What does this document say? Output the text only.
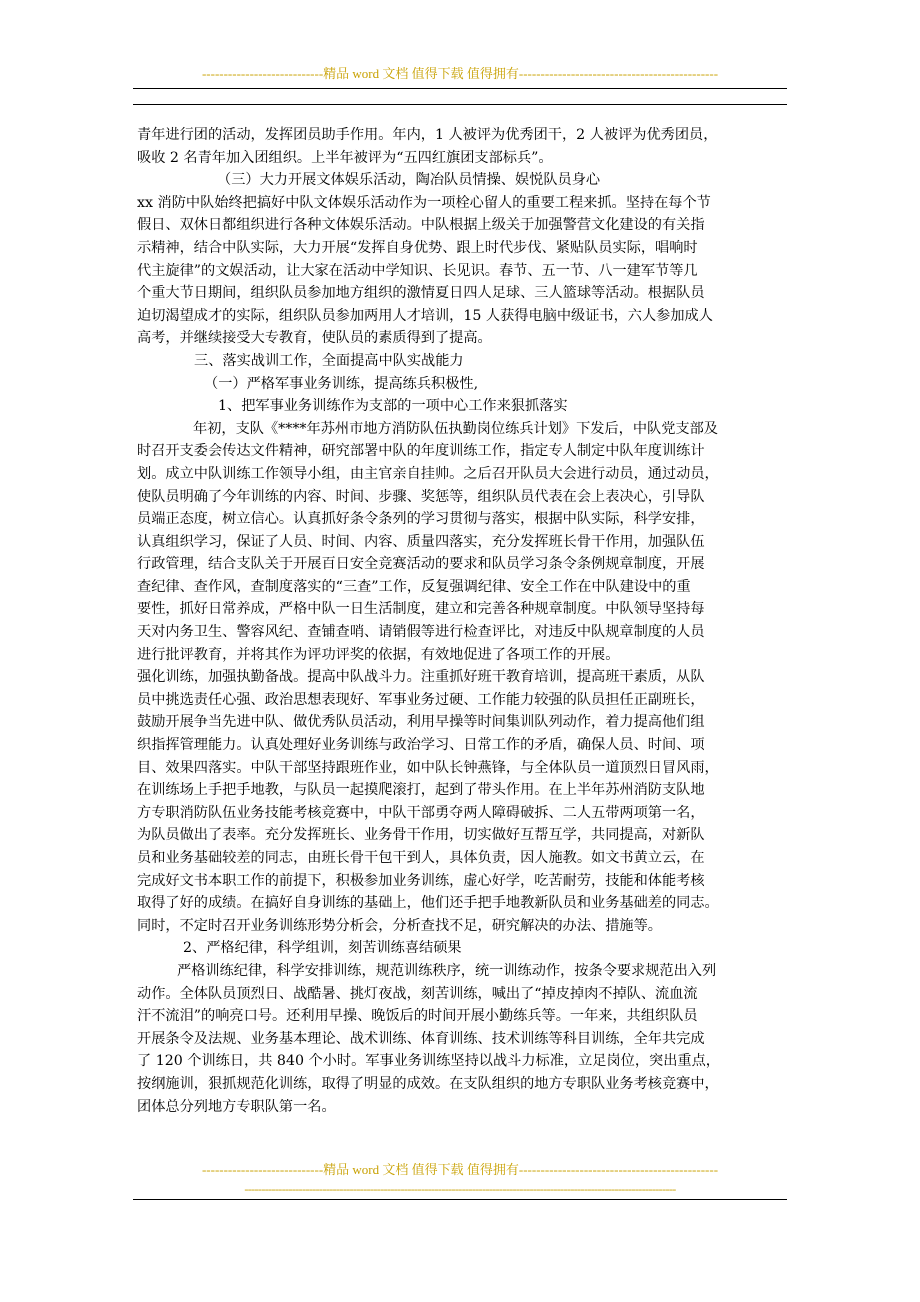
----------------------------精品 word 文档 值得下载 值得拥有----------------------------------------------

青年进行团的活动，发挥团员助手作用。年内，1 人被评为优秀团干，2 人被评为优秀团员，

吸收 2 名青年加入团组织。上半年被评为“五四红旗团支部标兵”。

（三）大力开展文体娱乐活动，陶冶队员情操、娱悦队员身心

xx 消防中队始终把搞好中队文体娱乐活动作为一项栓心留人的重要工程来抓。坚持在每个节

假日、双休日都组织进行各种文体娱乐活动。中队根据上级关于加强警营文化建设的有关指

示精神，结合中队实际，大力开展“发挥自身优势、跟上时代步伐、紧贴队员实际，唱响时

代主旋律”的文娱活动，让大家在活动中学知识、长见识。春节、五一节、八一建军节等几

个重大节日期间，组织队员参加地方组织的激情夏日四人足球、三人篮球等活动。根据队员

迫切渴望成才的实际，组织队员参加两用人才培训，15 人获得电脑中级证书，六人参加成人

高考，并继续接受大专教育，使队员的素质得到了提高。

三、落实战训工作，全面提高中队实战能力

（一）严格军事业务训练，提高练兵积极性,

1、把军事业务训练作为支部的一项中心工作来狠抓落实

年初，支队《****年苏州市地方消防队伍执勤岗位练兵计划》下发后，中队党支部及

时召开支委会传达文件精神，研究部署中队的年度训练工作，指定专人制定中队年度训练计

划。成立中队训练工作领导小组，由主官亲自挂帅。之后召开队员大会进行动员，通过动员，

使队员明确了今年训练的内容、时间、步骤、奖惩等，组织队员代表在会上表决心，引导队

员端正态度，树立信心。认真抓好条令条列的学习贯彻与落实，根据中队实际，科学安排，

认真组织学习，保证了人员、时间、内容、质量四落实，充分发挥班长骨干作用，加强队伍

行政管理，结合支队关于开展百日安全竞赛活动的要求和队员学习条令条例规章制度，开展

查纪律、查作风，查制度落实的“三查”工作，反复强调纪律、安全工作在中队建设中的重

要性，抓好日常养成，严格中队一日生活制度，建立和完善各种规章制度。中队领导坚持每

天对内务卫生、警容风纪、查铺查哨、请销假等进行检查评比，对违反中队规章制度的人员

进行批评教育，并将其作为评功评奖的依据，有效地促进了各项工作的开展。

强化训练，加强执勤备战。提高中队战斗力。注重抓好班干教育培训，提高班干素质，从队

员中挑选责任心强、政治思想表现好、军事业务过硬、工作能力较强的队员担任正副班长，

鼓励开展争当先进中队、做优秀队员活动，利用早操等时间集训队列动作，着力提高他们组

织指挥管理能力。认真处理好业务训练与政治学习、日常工作的矛盾，确保人员、时间、项

目、效果四落实。中队干部坚持跟班作业，如中队长钟燕锋，与全体队员一道顶烈日冒风雨，

在训练场上手把手地教，与队员一起摸爬滚打，起到了带头作用。在上半年苏州消防支队地

方专职消防队伍业务技能考核竞赛中，中队干部勇夺两人障碍破拆、二人五带两项第一名，

为队员做出了表率。充分发挥班长、业务骨干作用，切实做好互帮互学，共同提高，对新队

员和业务基础较差的同志，由班长骨干包干到人，具体负责，因人施教。如文书黄立云，在

完成好文书本职工作的前提下，积极参加业务训练，虚心好学，吃苦耐劳，技能和体能考核

取得了好的成绩。在搞好自身训练的基础上，他们还手把手地教新队员和业务基础差的同志。

同时，不定时召开业务训练形势分析会，分析查找不足，研究解决的办法、措施等。

2、严格纪律，科学组训，刻苦训练喜结硕果

严格训练纪律，科学安排训练，规范训练秩序，统一训练动作，按条令要求规范出入列

动作。全体队员顶烈日、战酷暑、挑灯夜战，刻苦训练，喊出了“掉皮掉肉不掉队、流血流

汗不流泪”的响亮口号。还利用早操、晚饭后的时间开展小勤练兵等。一年来，共组织队员

开展条令及法规、业务基本理论、战术训练、体育训练、技术训练等科目训练，全年共完成

了 120 个训练日，共 840 个小时。军事业务训练坚持以战斗力标准，立足岗位，突出重点，

按纲施训，狠抓规范化训练，取得了明显的成效。在支队组织的地方专职队业务考核竞赛中，

团体总分列地方专职队第一名。

----------------------------精品 word 文档 值得下载 值得拥有----------------------------------------------
-------------------------------------------------------------------------------------------------------------------------------
